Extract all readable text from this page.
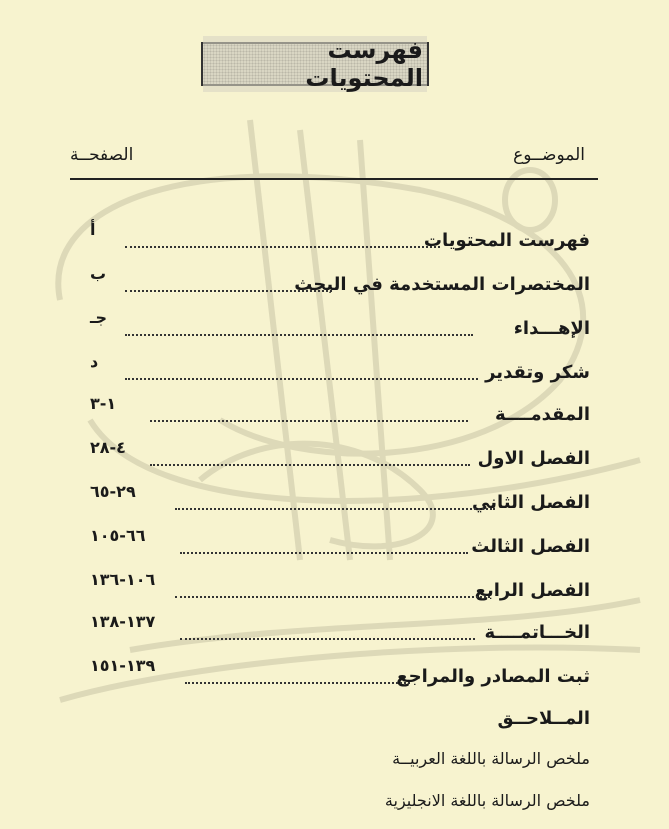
فهرست المحتويات
الموضــوع
الصفحــة
فهرست المحتويات
أ
المختصرات المستخدمة في البحث
ب
الإهـــداء
جـ
شكر وتقدير
د
المقدمــــة
١-٣
الفصل الاول
٤-٢٨
الفصل الثاني
٢٩-٦٥
الفصل الثالث
٦٦-١٠٥
الفصل الرابع
١٠٦-١٣٦
الخـــاتمــــة
١٣٧-١٣٨
ثبت المصادر والمراجع
١٣٩-١٥١
المــلاحــق
ملخص الرسالة باللغة العربيــة
ملخص الرسالة باللغة الانجليزية
